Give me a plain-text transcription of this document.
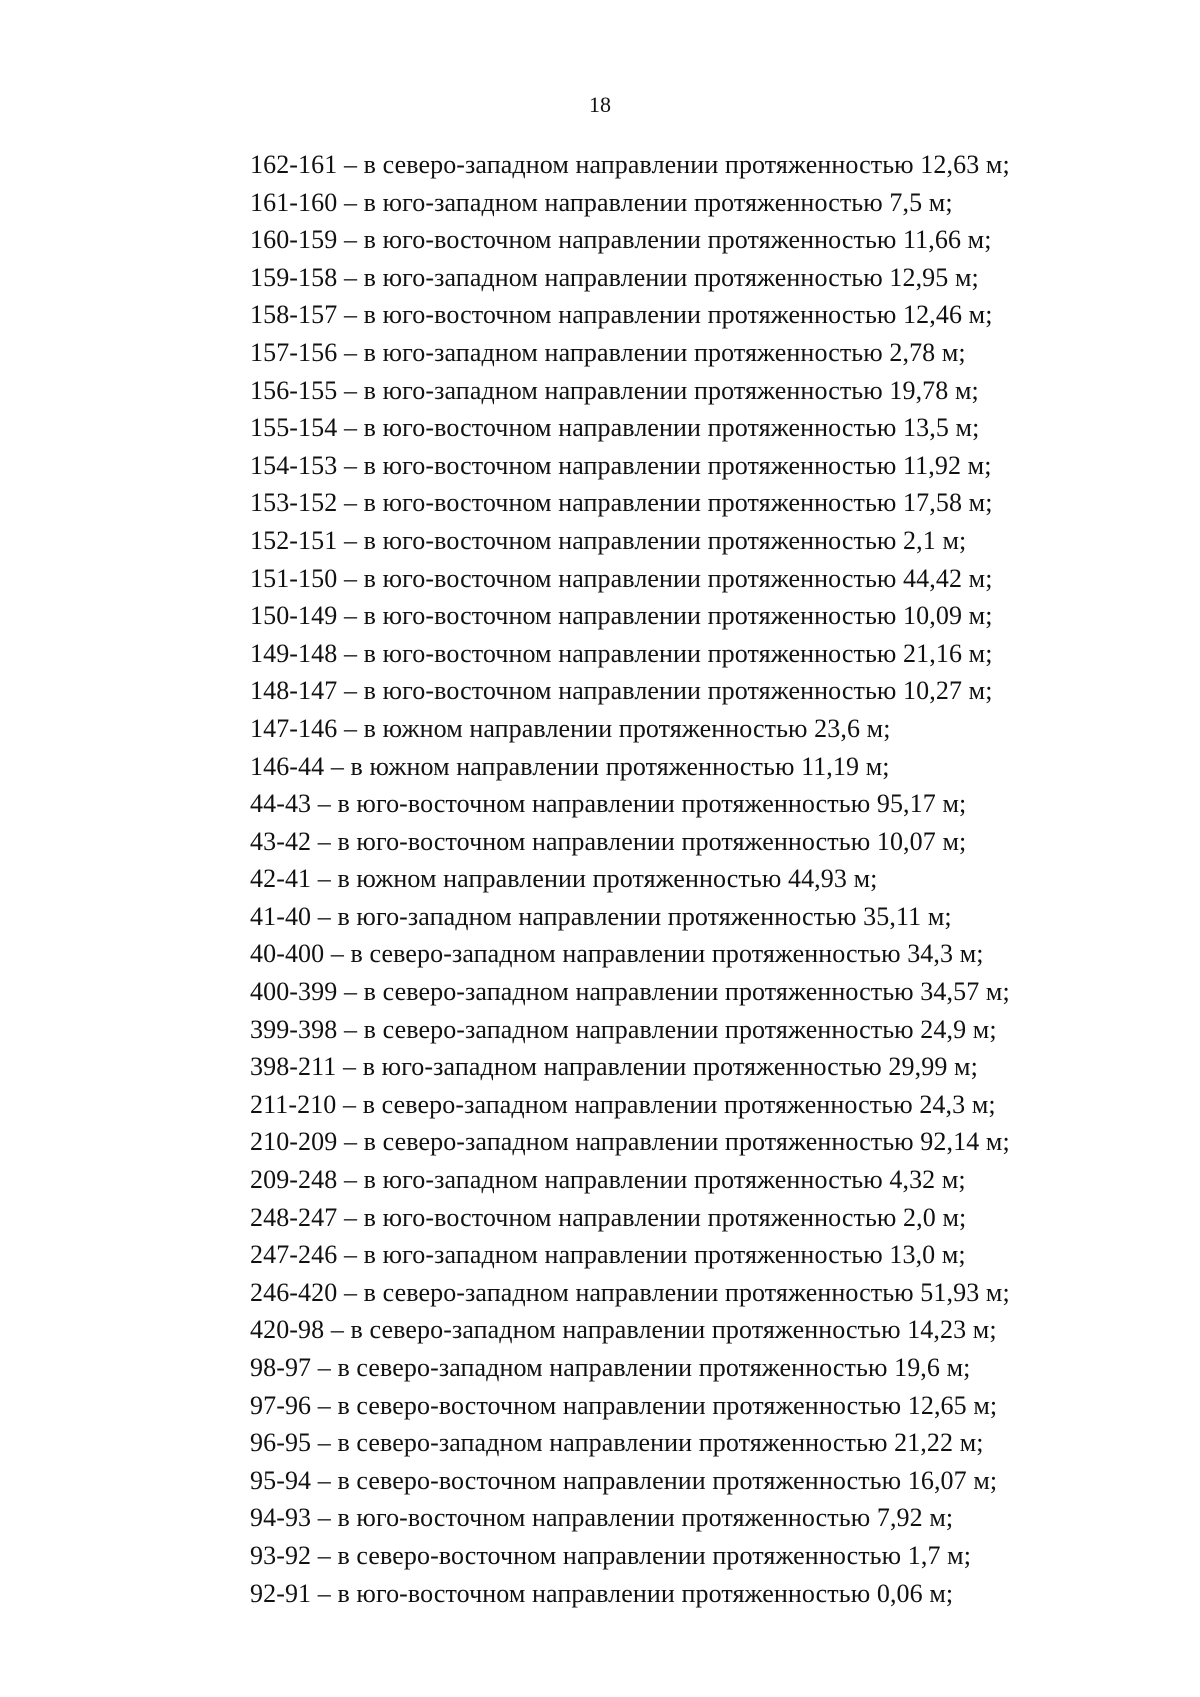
18
162-161 – в северо-западном направлении протяженностью 12,63 м;
161-160 – в юго-западном направлении протяженностью 7,5 м;
160-159 – в юго-восточном направлении протяженностью 11,66 м;
159-158 – в юго-западном направлении протяженностью 12,95 м;
158-157 – в юго-восточном направлении протяженностью 12,46 м;
157-156 – в юго-западном направлении протяженностью 2,78 м;
156-155 – в юго-западном направлении протяженностью 19,78 м;
155-154 – в юго-восточном направлении протяженностью 13,5 м;
154-153 – в юго-восточном направлении протяженностью 11,92 м;
153-152 – в юго-восточном направлении протяженностью 17,58 м;
152-151 – в юго-восточном направлении протяженностью 2,1 м;
151-150 – в юго-восточном направлении протяженностью 44,42 м;
150-149 – в юго-восточном направлении протяженностью 10,09 м;
149-148 – в юго-восточном направлении протяженностью 21,16 м;
148-147 – в юго-восточном направлении протяженностью 10,27 м;
147-146 – в южном направлении протяженностью 23,6 м;
146-44 – в южном направлении протяженностью 11,19 м;
44-43 – в юго-восточном направлении протяженностью 95,17 м;
43-42 – в юго-восточном направлении протяженностью 10,07 м;
42-41 – в южном направлении протяженностью 44,93 м;
41-40 – в юго-западном направлении протяженностью 35,11 м;
40-400 – в северо-западном направлении протяженностью 34,3 м;
400-399 – в северо-западном направлении протяженностью 34,57 м;
399-398 – в северо-западном направлении протяженностью 24,9 м;
398-211 – в юго-западном направлении протяженностью 29,99 м;
211-210 – в северо-западном направлении протяженностью 24,3 м;
210-209 – в северо-западном направлении протяженностью 92,14 м;
209-248 – в юго-западном направлении протяженностью 4,32 м;
248-247 – в юго-восточном направлении протяженностью 2,0 м;
247-246 – в юго-западном направлении протяженностью 13,0 м;
246-420 – в северо-западном направлении протяженностью 51,93 м;
420-98 – в северо-западном направлении протяженностью 14,23 м;
98-97 – в северо-западном направлении протяженностью 19,6 м;
97-96 – в северо-восточном направлении протяженностью 12,65 м;
96-95 – в северо-западном направлении протяженностью 21,22 м;
95-94 – в северо-восточном направлении протяженностью 16,07 м;
94-93 – в юго-восточном направлении протяженностью 7,92 м;
93-92 – в северо-восточном направлении протяженностью 1,7 м;
92-91 – в юго-восточном направлении протяженностью 0,06 м;
